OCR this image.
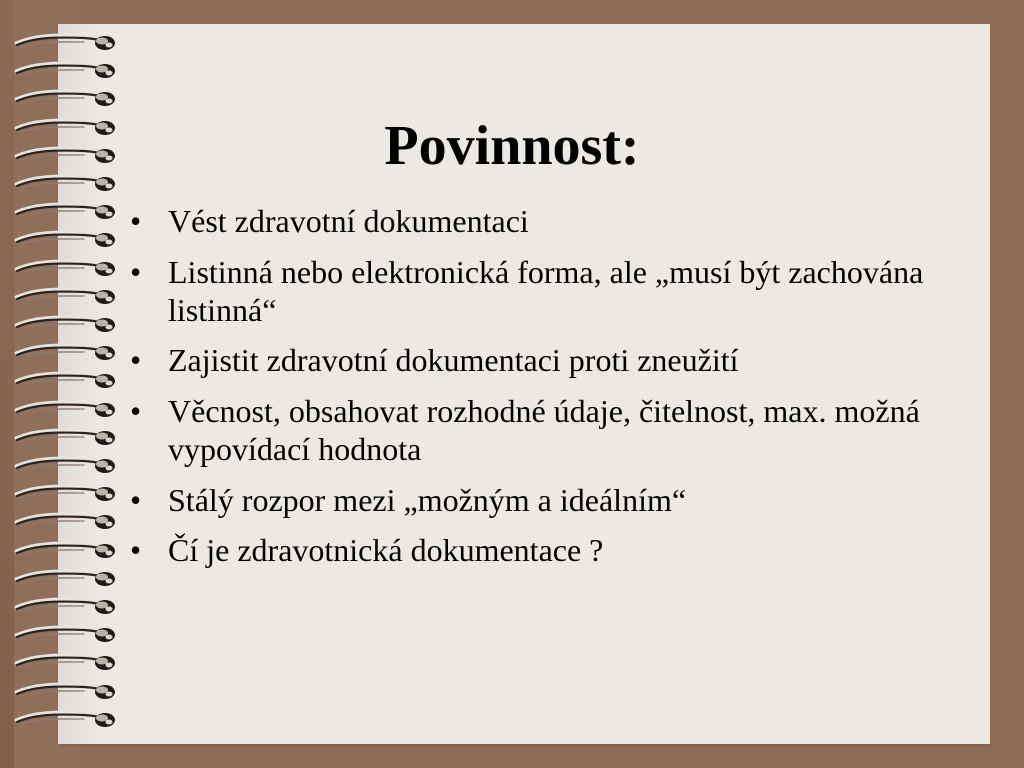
Povinnost:
• Vést zdravotní dokumentaci
• Listinná nebo elektronická forma, ale „musí být zachována listinná“
• Zajistit zdravotní dokumentaci proti zneužití
• Věcnost, obsahovat rozhodné údaje, čitelnost, max. možná vypovídací hodnota
• Stálý rozpor mezi „možným a ideálním“
• Čí je zdravotnická dokumentace ?
